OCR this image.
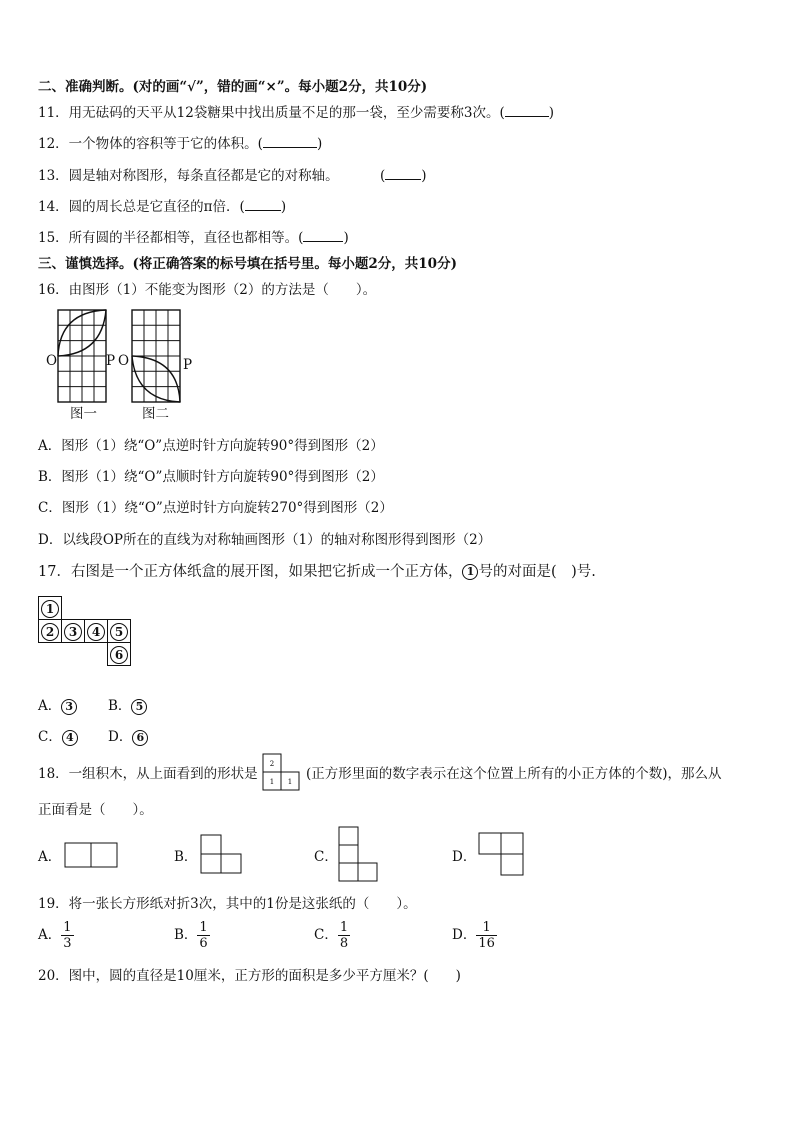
二、准确判断。(对的画“√”，错的画“×”。每小题2分，共10分)
11．用无砝码的天平从12袋糖果中找出质量不足的那一袋，至少需要称3次。(	)
12．一个物体的容积等于它的体积。(	)
13．圆是轴对称图形，每条直径都是它的对称轴。	(	)
14．圆的周长总是它直径的π倍．(	)
15．所有圆的半径都相等，直径也都相等。(	)
三、谨慎选择。(将正确答案的标号填在括号里。每小题2分，共10分)
16．由图形（1）不能变为图形（2）的方法是（　　）。
O	P O	P
图一	图二
A．图形（1）绕“O”点逆时针方向旋转90°得到图形（2）
B．图形（1）绕“O”点顺时针方向旋转90°得到图形（2）
C．图形（1）绕“O”点逆时针方向旋转270°得到图形（2）
D．以线段OP所在的直线为对称轴画图形（1）的轴对称图形得到图形（2）
17．右图是一个正方体纸盒的展开图，如果把它折成一个正方体， 1 号的对面是(　)号.
1			
2	3	4	5
			6
A． 3	B． 5
C． 4	D． 6
18．一组积木，从上面看到的形状是
2
1 1 (正方形里面的数字表示在这个位置上所有的小正方体的个数)，那么从
正面看是（　　）。
A．	B．	C．	D．
19．将一张长方形纸对折3次，其中的1份是这张纸的（　　）。
A． $\frac{1}{3}$	B． $\frac{1}{6}$	C． $\frac{1}{8}$	D． $\frac{1}{16}$
20．图中，圆的直径是10厘米，正方形的面积是多少平方厘米？(　　)
